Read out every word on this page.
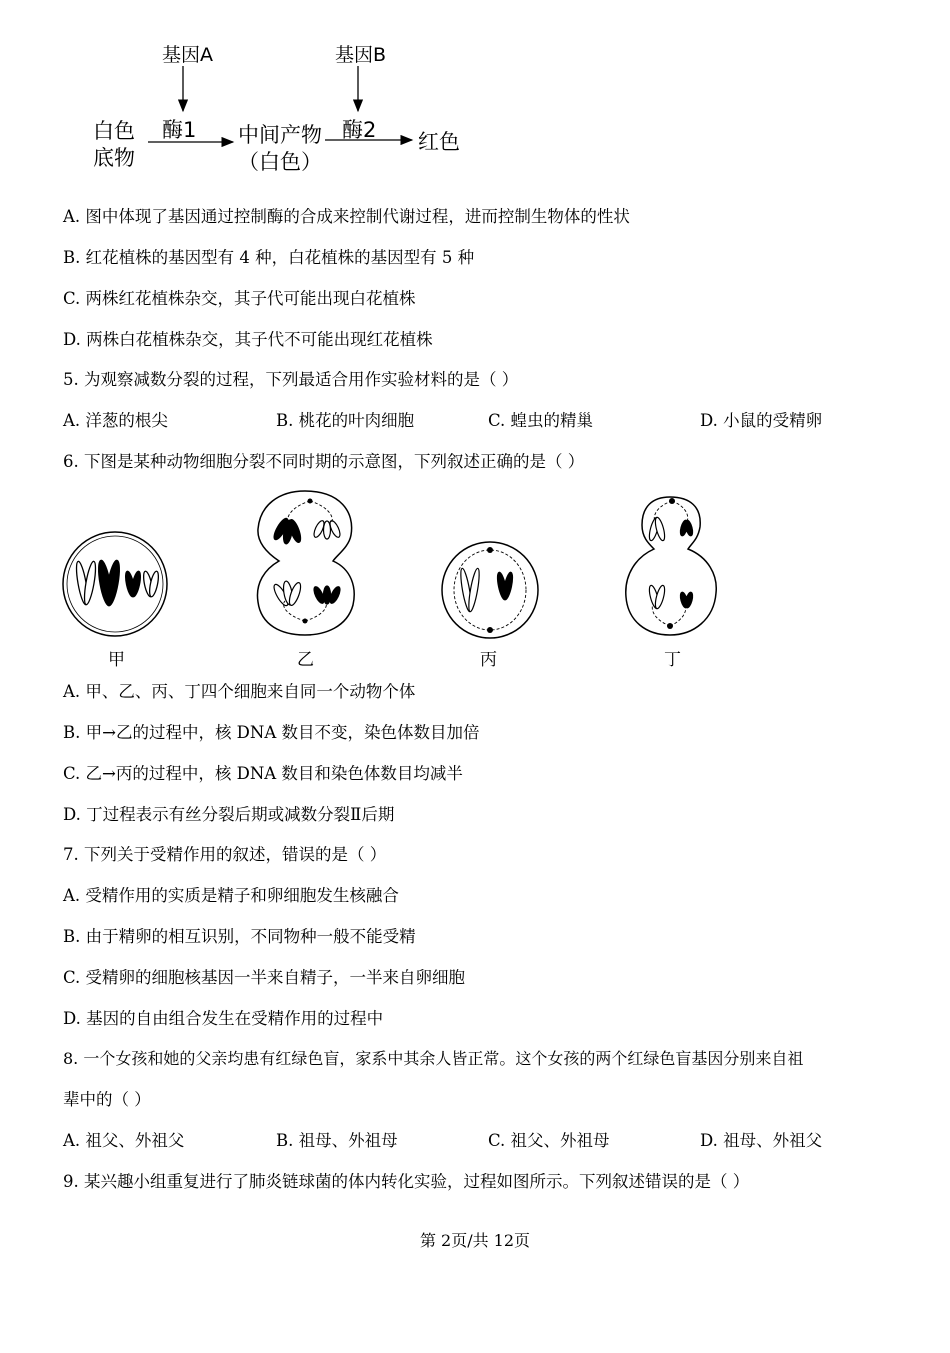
基因A	基因B
白色
底物
酶1	酶2
中间产物
（白色）
红色
A. 图中体现了基因通过控制酶的合成来控制代谢过程，进而控制生物体的性状
B. 红花植株的基因型有 4 种，白花植株的基因型有 5 种
C. 两株红花植株杂交，其子代可能出现白花植株
D. 两株白花植株杂交，其子代不可能出现红花植株
5. 为观察减数分裂的过程，下列最适合用作实验材料的是（ ）
A. 洋葱的根尖	B. 桃花的叶肉细胞	C. 蝗虫的精巢	D. 小鼠的受精卵
6. 下图是某种动物细胞分裂不同时期的示意图，下列叙述正确的是（ ）
甲	乙	丙	丁
A. 甲、乙、丙、丁四个细胞来自同一个动物个体
B. 甲→乙的过程中，核 DNA 数目不变，染色体数目加倍
C. 乙→丙的过程中，核 DNA 数目和染色体数目均减半
D. 丁过程表示有丝分裂后期或减数分裂Ⅱ后期
7. 下列关于受精作用的叙述，错误的是（ ）
A. 受精作用的实质是精子和卵细胞发生核融合
B. 由于精卵的相互识别，不同物种一般不能受精
C. 受精卵的细胞核基因一半来自精子，一半来自卵细胞
D. 基因的自由组合发生在受精作用的过程中
8. 一个女孩和她的父亲均患有红绿色盲，家系中其余人皆正常。这个女孩的两个红绿色盲基因分别来自祖
辈中的（ ）
A. 祖父、外祖父	B. 祖母、外祖母	C. 祖父、外祖母	D. 祖母、外祖父
9. 某兴趣小组重复进行了肺炎链球菌的体内转化实验，过程如图所示。下列叙述错误的是（ ）
第 2页/共 12页
